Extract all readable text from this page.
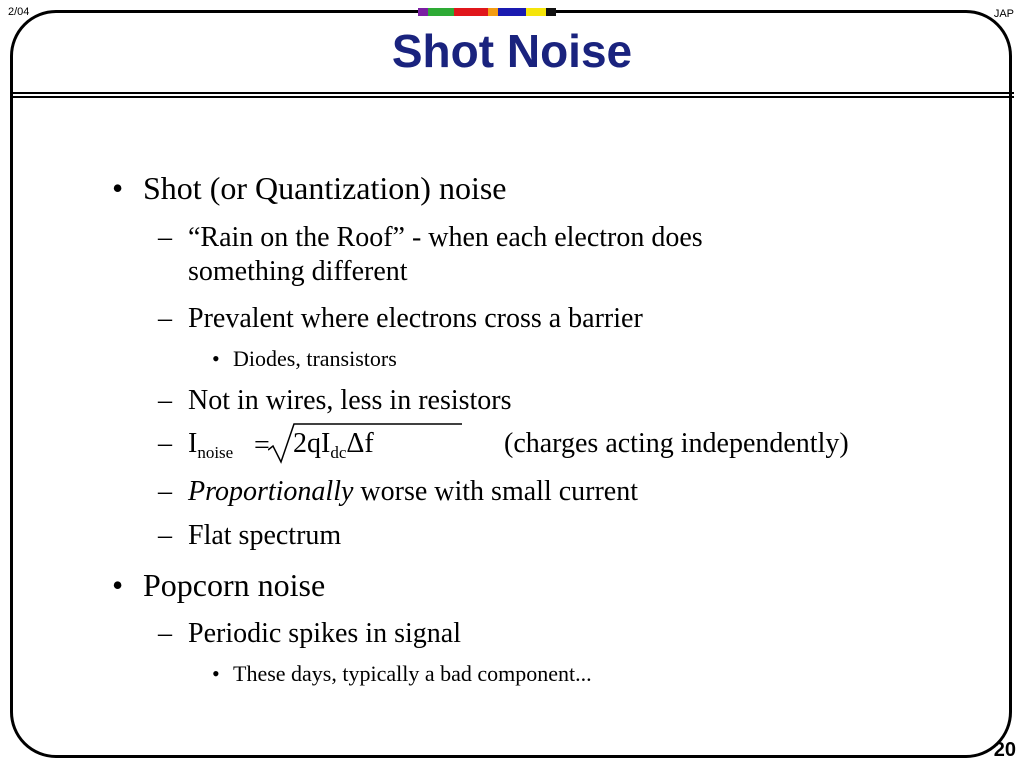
2/04	JAP
Shot Noise
20
• Shot (or Quantization) noise
– “Rain on the Roof” - when each electron does
something different
– Prevalent where electrons cross a barrier
• Diodes, transistors
– Not in wires, less in resistors
– $I_{noise} = 2qI_{dc}\Delta f$	(charges acting independently)
– Proportionally worse with small current
– Flat spectrum
• Popcorn noise
– Periodic spikes in signal
• These days, typically a bad component...
